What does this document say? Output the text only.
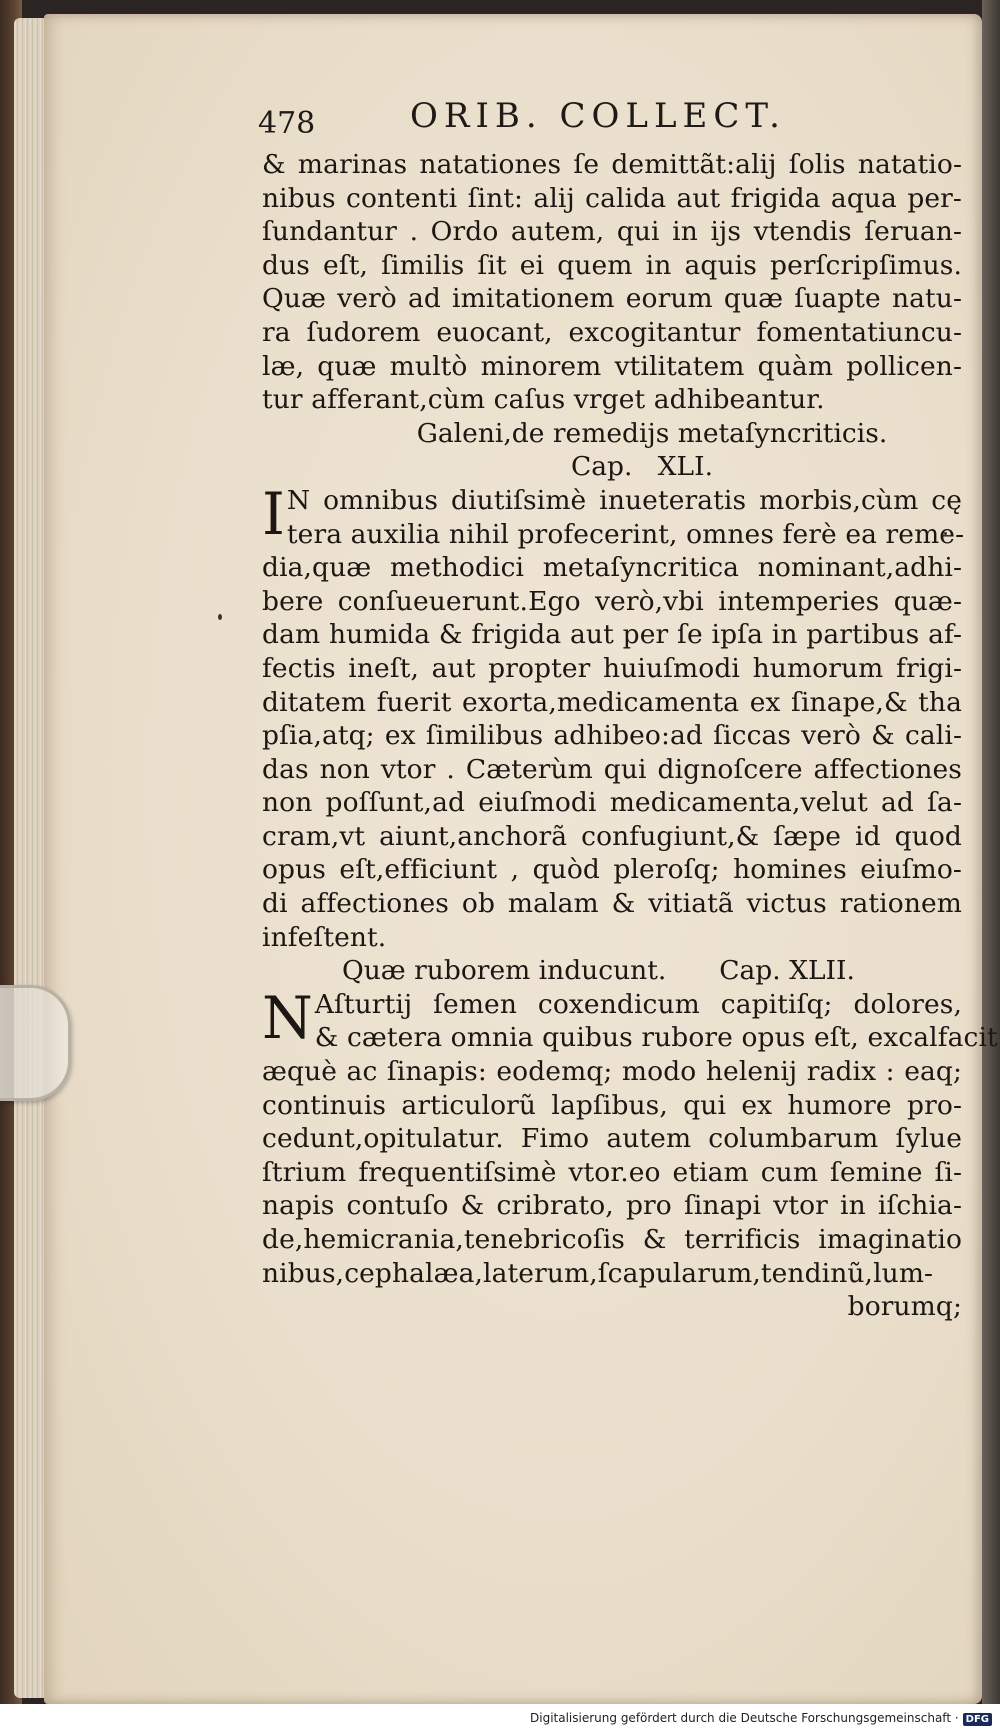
478	ORIB. COLLECT.
& marinas natationes ſe demittãt:alij ſolis natatio-
nibus contenti ſint: alij calida aut frigida aqua per-
ſundantur . Ordo autem, qui in ijs vtendis ſeruan-
dus eſt, ſimilis ſit ei quem in aquis perſcripſimus.
Quæ verò ad imitationem eorum quæ ſuapte natu-
ra ſudorem euocant, excogitantur fomentatiuncu-
læ, quæ multò minorem vtilitatem quàm pollicen-
tur afferant,cùm caſus vrget adhibeantur.
Galeni,de remedijs metaſyncriticis.
Cap.   XLI.
I N omnibus diutiſsimè inueteratis morbis,cùm cę
tera auxilia nihil profecerint, omnes ferè ea reme-
dia,quæ methodici metaſyncritica nominant,adhi-
bere conſueuerunt.Ego verò,vbi intemperies quæ-
dam humida & frigida aut per ſe ipſa in partibus af-
fectis ineſt, aut propter huiuſmodi humorum frigi-
ditatem fuerit exorta,medicamenta ex ſinape,& tha
pſia,atq; ex ſimilibus adhibeo:ad ſiccas verò & cali-
das non vtor . Cæterùm qui dignoſcere affectiones
non poſſunt,ad eiuſmodi medicamenta,velut ad ſa-
cram,vt aiunt,anchorã confugiunt,& ſæpe id quod
opus eſt,efficiunt , quòd pleroſq; homines eiuſmo-
di affectiones ob malam & vitiatã victus rationem
infeſtent.
Quæ ruborem inducunt. Cap. XLII.
N Aſturtij ſemen coxendicum capitiſq; dolores,
& cætera omnia quibus rubore opus eſt, excalfacit
æquè ac ſinapis: eodemq; modo helenij radix : eaq;
continuis articulorũ lapſibus, qui ex humore pro-
cedunt,opitulatur. Fimo autem columbarum ſylue
ſtrium frequentiſsimè vtor.eo etiam cum ſemine ſi-
napis contuſo & cribrato, pro ſinapi vtor in iſchia-
de,hemicrania,tenebricoſis & terrificis imaginatio
nibus,cephalæa,laterum,ſcapularum,tendinũ,lum-
borumq;
Digitalisierung gefördert durch die Deutsche Forschungsgemeinschaft · DFG
